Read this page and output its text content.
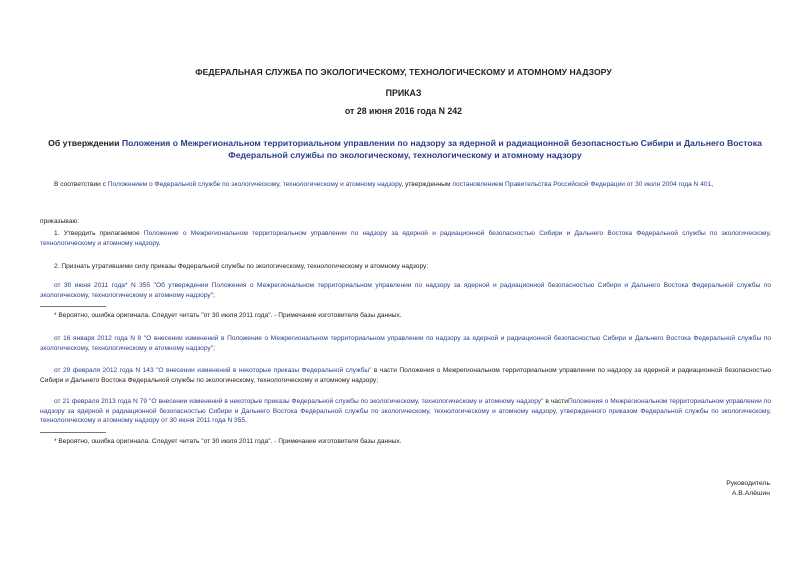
ФЕДЕРАЛЬНАЯ СЛУЖБА ПО ЭКОЛОГИЧЕСКОМУ, ТЕХНОЛОГИЧЕСКОМУ И АТОМНОМУ НАДЗОРУ
ПРИКАЗ
от 28 июня 2016 года N 242
Об утверждении Положения о Межрегиональном территориальном управлении по надзору за ядерной и радиационной безопасностью Сибири и Дальнего Востока
Федеральной службы по экологическому, технологическому и атомному надзору
В соответствии с Положением о Федеральной службе по экологическому, технологическому и атомному надзору, утвержденным постановлением Правительства Российской Федерации от 30 июля 2004 года N 401,
приказываю:
1. Утвердить прилагаемое Положение о Межрегиональном территориальном управлении по надзору за ядерной и радиационной безопасностью Сибири и Дальнего Востока Федеральной службы по экологическому, технологическому и атомному надзору.
2. Признать утратившими силу приказы Федеральной службы по экологическому, технологическому и атомному надзору:
от 30 июня 2011 года* N 355 "Об утверждении Положения о Межрегиональном территориальном управлении по надзору за ядерной и радиационной безопасностью Сибири и Дальнего Востока Федеральной службы по экологическому, технологическому и атомному надзору";
* Вероятно, ошибка оригинала. Следует читать "от 30 июля 2011 года". - Примечание изготовителя базы данных.
от 16 января 2012 года N 8 "О внесении изменений в Положение о Межрегиональном территориальном управлении по надзору за ядерной и радиационной безопасностью Сибири и Дальнего Востока Федеральной службы по экологическому, технологическому и атомному надзору";
от 29 февраля 2012 года N 143 "О внесении изменений в некоторые приказы Федеральной службы" в части Положения о Межрегиональном территориальном управлении по надзору за ядерной и радиационной безопасностью Сибири и Дальнего Востока Федеральной службы по экологическому, технологическому и атомному надзору;
от 21 февраля 2013 года N 79 "О внесении изменений в некоторые приказы Федеральной службы по экологическому, технологическому и атомному надзору" в частиПоложения о Межрегиональном территориальном управлении по надзору за ядерной и радиационной безопасностью Сибири и Дальнего Востока Федеральной службы по экологическому, технологическому и атомному надзору, утвержденного приказом Федеральной службы по экологическому, технологическому и атомному надзору от 30 июня 2011 года N 355.
* Вероятно, ошибка оригинала. Следует читать "от 30 июля 2011 года". - Примечание изготовителя базы данных.
Руководитель
А.В.Алёшин
